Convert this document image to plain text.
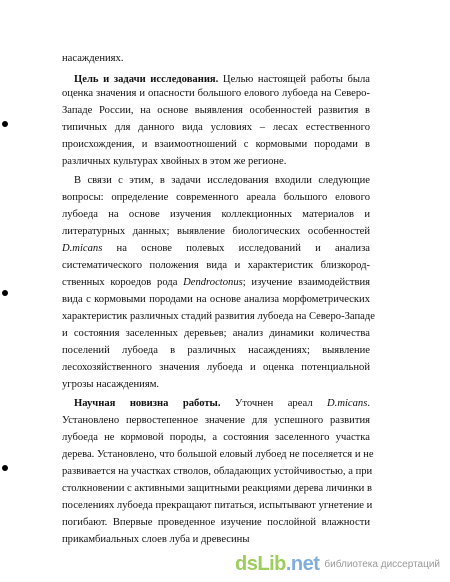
насаждениях.
Цель и задачи исследования. Целью настоящей работы была
оценка значения и опасности большого елового лубоеда на Северо-
Западе России, на основе выявления особенностей развития в
типичных для данного вида условиях – лесах естественного
происхождения, и взаимоотношений с кормовыми породами в
различных культурах хвойных в этом же регионе.
В связи с этим, в задачи исследования входили следующие
вопросы: определение современного ареала большого елового
лубоеда на основе изучения коллекционных материалов и
литературных данных; выявление биологических особенностей
D.micans на основе полевых исследований и анализа
систематического положения вида и характеристик близкород-
ственных короедов рода Dendroctonus; изучение взаимодействия
вида с кормовыми породами на основе анализа морфометрических
характеристик различных стадий развития лубоеда на Северо-Западе
и состояния заселенных деревьев; анализ динамики количества
поселений лубоеда в различных насаждениях; выявление
лесохозяйственного значения лубоеда и оценка потенциальной
угрозы насаждениям.
Научная новизна работы. Уточнен ареал D.micans.
Установлено первостепенное значение для успешного развития
лубоеда не кормовой породы, а состояния заселенного участка
дерева. Установлено, что большой еловый лубоед не поселяется и не
развивается на участках стволов, обладающих устойчивостью, а при
столкновении с активными защитными реакциями дерева личинки в
поселениях лубоеда прекращают питаться, испытывают угнетение и
погибают. Впервые проведенное изучение послойной влажности
прикамбиальных слоев луба и древесины
dsLib.net библиотека диссертаций
